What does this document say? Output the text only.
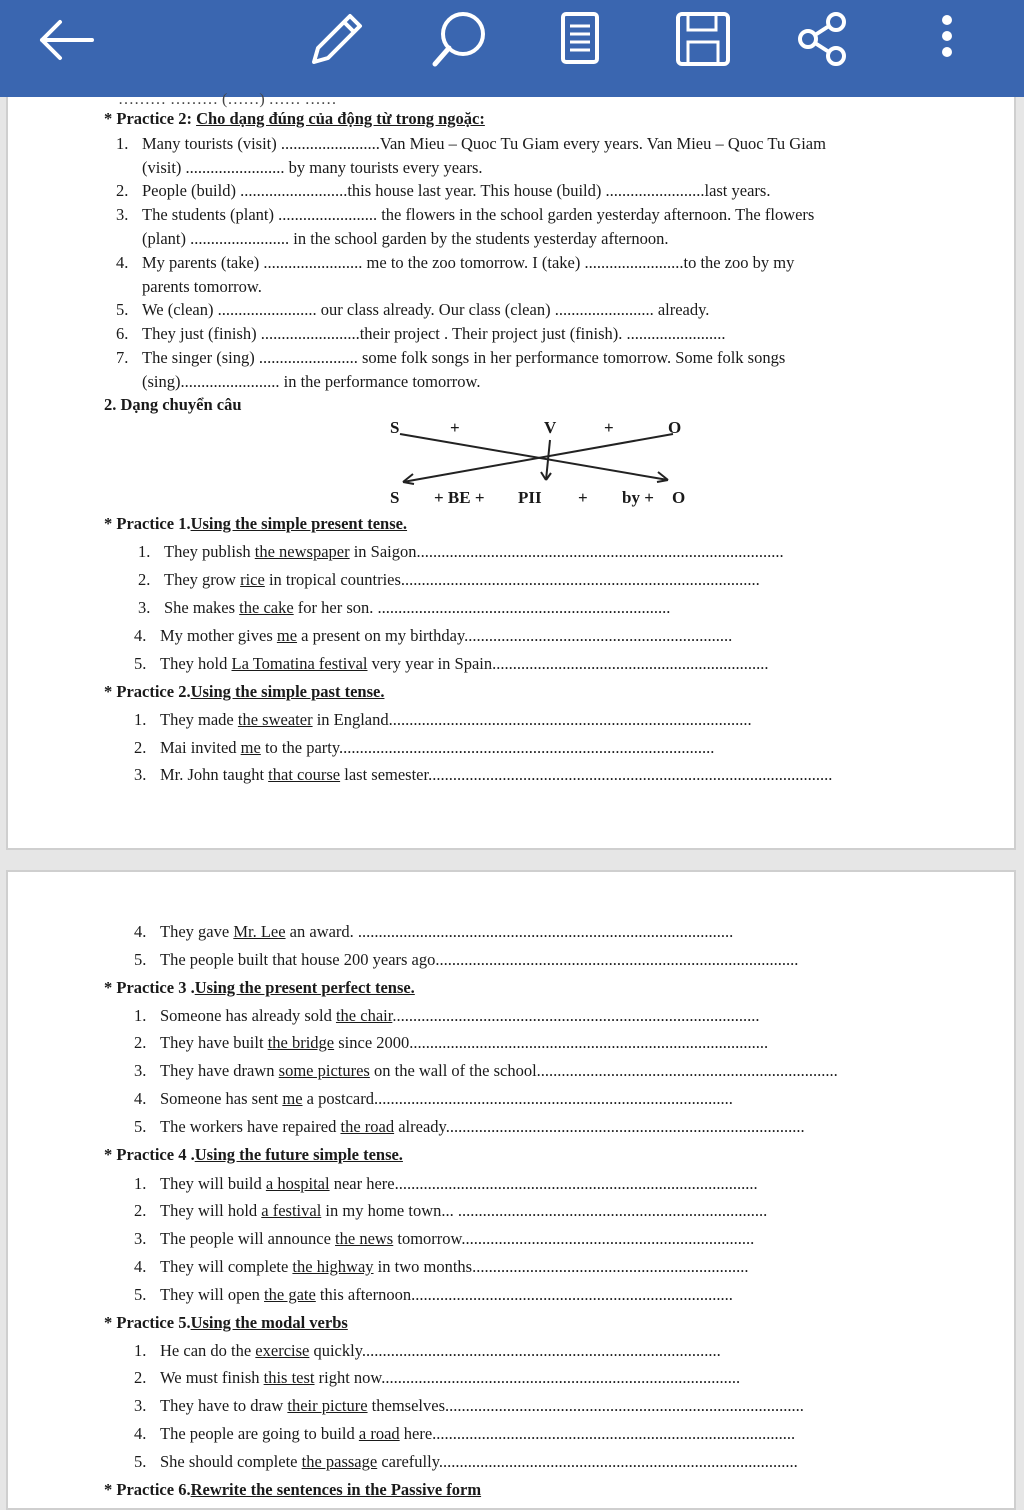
……… ……… (……) …… ……
* Practice 2: Cho dạng đúng của động từ trong ngoặc:
1. Many tourists (visit) ........................Van Mieu – Quoc Tu Giam every years. Van Mieu – Quoc Tu Giam
(visit) ........................ by many tourists every years.
2. People (build) ..........................this house last year. This house (build) ........................last years.
3. The students (plant) ........................ the flowers in the school garden yesterday afternoon. The flowers
(plant) ........................ in the school garden by the students yesterday afternoon.
4. My parents (take) ........................ me to the zoo tomorrow. I (take) ........................to the zoo by my
parents tomorrow.
5. We (clean) ........................ our class already. Our class (clean) ........................ already.
6. They just (finish) ........................their project . Their project just (finish). ........................
7. The singer (sing) ........................ some folk songs in her performance tomorrow. Some folk songs
(sing)........................ in the performance tomorrow.
2. Dạng chuyển câu
S	+	V	+	O
S + BE + PII + by + O
* Practice 1.Using the simple present tense.
1. They publish the newspaper in Saigon.........................................................................................
2. They grow rice in tropical countries.......................................................................................
3. She makes the cake for her son. .......................................................................
4. My mother gives me a present on my birthday.................................................................
5. They hold La Tomatina festival very year in Spain...................................................................
* Practice 2.Using the simple past tense.
1. They made the sweater in England........................................................................................
2. Mai invited me to the party...........................................................................................
3. Mr. John taught that course last semester..................................................................................................
4. They gave Mr. Lee an award. ...........................................................................................
5. The people built that house 200 years ago........................................................................................
* Practice 3 .Using the present perfect tense.
1. Someone has already sold the chair.........................................................................................
2. They have built the bridge since 2000.......................................................................................
3. They have drawn some pictures on the wall of the school.........................................................................
4. Someone has sent me a postcard.......................................................................................
5. The workers have repaired the road already.......................................................................................
* Practice 4 .Using the future simple tense.
1. They will build a hospital near here........................................................................................
2. They will hold a festival in my home town... ...........................................................................
3. The people will announce the news tomorrow.......................................................................
4. They will complete the highway in two months...................................................................
5. They will open the gate this afternoon..............................................................................
* Practice 5.Using the modal verbs
1. He can do the exercise quickly.......................................................................................
2. We must finish this test right now.......................................................................................
3. They have to draw their picture themselves.......................................................................................
4. The people are going to build a road here........................................................................................
5. She should complete the passage carefully.......................................................................................
* Practice 6.Rewrite the sentences in the Passive form
